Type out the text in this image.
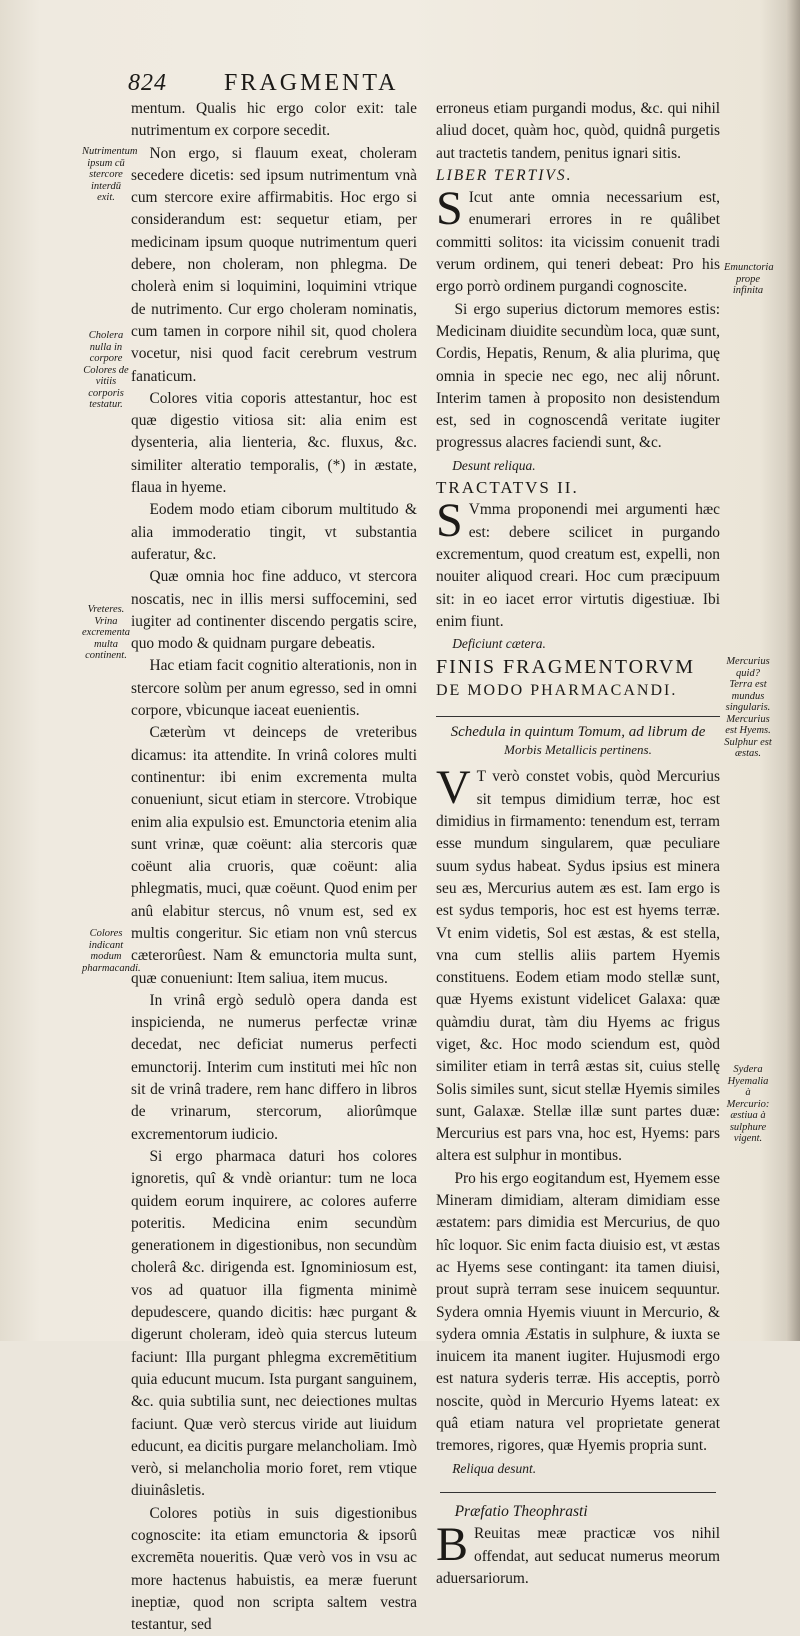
824 FRAGMENTA
Nutrimentum ipsum cū stercore interdū exit.
Cholera nulla in corpore Colores de vitiis corporis testatur.
Vreteres. Vrina excrementa multa continent.
Colores indicant modum pharmacandi.
Emunctoria prope infinita
Mercurius quid? Terra est mundus singularis. Mercurius est Hyems. Sulphur est æstas.
Sydera Hyemalia à Mercurio: æstiua à sulphure vigent.

mentum. Qualis hic ergo color exit: tale nutrimentum ex corpore secedit.

Non ergo, si flauum exeat, choleram secedere dicetis: sed ipsum nutrimentum vnà cum stercore exire affirmabitis. Hoc ergo si considerandum est: sequetur etiam, per medicinam ipsum quoque nutrimentum queri debere, non choleram, non phlegma. De cholerà enim si loquimini, loquimini vtrique de nutrimento. Cur ergo choleram nominatis, cum tamen in corpore nihil sit, quod cholera vocetur, nisi quod facit cerebrum vestrum fanaticum.

Colores vitia coporis attestantur, hoc est quæ digestio vitiosa sit: alia enim est dysenteria, alia lienteria, &c. fluxus, &c. similiter alteratio temporalis, (*) in æstate, flaua in hyeme.

Eodem modo etiam ciborum multitudo & alia immoderatio tingit, vt substantia auferatur, &c.

Quæ omnia hoc fine adduco, vt stercora noscatis, nec in illis mersi suffocemini, sed iugiter ad continenter discendo pergatis scire, quo modo & quidnam purgare debeatis.

Hac etiam facit cognitio alterationis, non in stercore solùm per anum egresso, sed in omni corpore, vbicunque iaceat euenientis.

Cæterùm vt deinceps de vreteribus dicamus: ita attendite. In vrinâ colores multi continentur: ibi enim excrementa multa conueniunt, sicut etiam in stercore. Vtrobique enim alia expulsio est. Emunctoria etenim alia sunt vrinæ, quæ coëunt: alia stercoris quæ coëunt alia cruoris, quæ coëunt: alia phlegmatis, muci, quæ coëunt. Quod enim per anû elabitur stercus, nô vnum est, sed ex multis congeritur. Sic etiam non vnû stercus cæterorûest. Nam & emunctoria multa sunt, quæ conueniunt: Item saliua, item mucus.

In vrinâ ergò sedulò opera danda est inspicienda, ne numerus perfectæ vrinæ decedat, nec deficiat numerus perfecti emunctorij. Interim cum instituti mei hîc non sit de vrinâ tradere, rem hanc differo in libros de vrinarum, stercorum, aliorûmque excrementorum iudicio.

Si ergo pharmaca daturi hos colores ignoretis, quî & vndè oriantur: tum ne loca quidem eorum inquirere, ac colores auferre poteritis. Medicina enim secundùm generationem in digestionibus, non secundùm cholerâ &c. dirigenda est. Ignominiosum est, vos ad quatuor illa figmenta minimè depudescere, quando dicitis: hæc purgant & digerunt choleram, ideò quia stercus luteum faciunt: Illa purgant phlegma excremētitium quia educunt mucum. Ista purgant sanguinem, &c. quia subtilia sunt, nec deiectiones multas faciunt. Quæ verò stercus viride aut liuidum educunt, ea dicitis purgare melancholiam. Imò verò, si melancholia morio foret, rem vtique diuinâsletis.

Colores potiùs in suis digestionibus cognoscite: ita etiam emunctoria & ipsorû excremēta noueritis. Quæ verò vos in vsu ac more hactenus habuistis, ea meræ fuerunt ineptiæ, quod non scripta saltem vestra testantur, sed

erroneus etiam purgandi modus, &c. qui nihil aliud docet, quàm hoc, quòd, quidnâ purgetis aut tractetis tandem, penitus ignari sitis.

LIBER TERTIVS.

S Icut ante omnia necessarium est, enumerari errores in re quâlibet committi solitos: ita vicissim conuenit tradi verum ordinem, qui teneri debeat: Pro his ergo porrò ordinem purgandi cognoscite.

Si ergo superius dictorum memores estis: Medicinam diuidite secundùm loca, quæ sunt, Cordis, Hepatis, Renum, & alia plurima, quę omnia in specie nec ego, nec alij nôrunt. Interim tamen à proposito non desistendum est, sed in cognoscendâ veritate iugiter progressus alacres faciendi sunt, &c.

Desunt reliqua.

TRACTATVS II.

S Vmma proponendi mei argumenti hæc est: debere scilicet in purgando excrementum, quod creatum est, expelli, non nouiter aliquod creari. Hoc cum præcipuum sit: in eo iacet error virtutis digestiuæ. Ibi enim fiunt.

Deficiunt cætera.

FINIS FRAGMENTORVM

DE MODO PHARMACANDI.

Schedula in quintum Tomum, ad librum de
Morbis Metallicis pertinens.

V T verò constet vobis, quòd Mercurius sit tempus dimidium terræ, hoc est dimidius in firmamento: tenendum est, terram esse mundum singularem, quæ peculiare suum sydus habeat. Sydus ipsius est minera seu æs, Mercurius autem æs est. Iam ergo is est sydus temporis, hoc est est hyems terræ. Vt enim videtis, Sol est æstas, & est stella, vna cum stellis aliis partem Hyemis constituens. Eodem etiam modo stellæ sunt, quæ Hyems existunt videlicet Galaxa: quæ quàmdiu durat, tàm diu Hyems ac frigus viget, &c. Hoc modo sciendum est, quòd similiter etiam in terrâ æstas sit, cuius stellę Solis similes sunt, sicut stellæ Hyemis similes sunt, Galaxæ. Stellæ illæ sunt partes duæ: Mercurius est pars vna, hoc est, Hyems: pars altera est sulphur in montibus.

Pro his ergo eogitandum est, Hyemem esse Mineram dimidiam, alteram dimidiam esse æstatem: pars dimidia est Mercurius, de quo hîc loquor. Sic enim facta diuisio est, vt æstas ac Hyems sese contingant: ita tamen diuisi, prout suprà terram sese inuicem sequuntur. Sydera omnia Hyemis viuunt in Mercurio, & sydera omnia Æstatis in sulphure, & iuxta se inuicem ita manent iugiter. Hujusmodi ergo est natura syderis terræ. His acceptis, porrò noscite, quòd in Mercurio Hyems lateat: ex quâ etiam natura vel proprietate generat tremores, rigores, quæ Hyemis propria sunt.

Reliqua desunt.

Præfatio Theophrasti

B Reuitas meæ practicæ vos nihil offendat, aut seducat numerus meorum aduersariorum.
